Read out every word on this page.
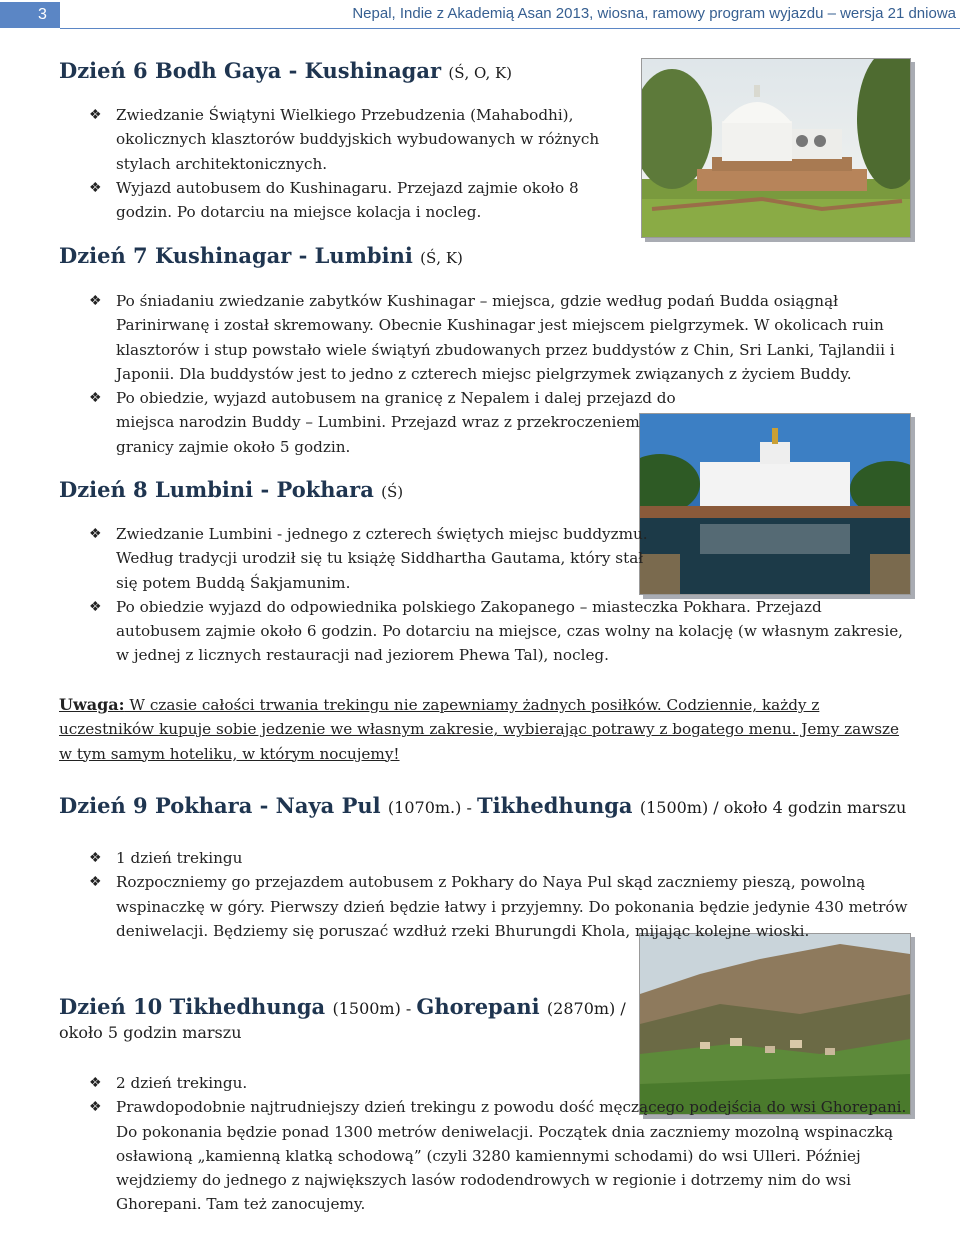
3	Nepal, Indie z Akademią Asan 2013, wiosna, ramowy program wyjazdu – wersja 21 dniowa
Dzień 6 Bodh Gaya - Kushinagar (Ś, O, K)
❖ Zwiedzanie Świątyni Wielkiego Przebudzenia (Mahabodhi), okolicznych klasztorów buddyjskich wybudowanych w różnych stylach architektonicznych.
❖ Wyjazd autobusem do Kushinagaru. Przejazd zajmie około 8 godzin. Po dotarciu na miejsce kolacja i nocleg.
Dzień 7 Kushinagar - Lumbini (Ś, K)
❖ Po śniadaniu zwiedzanie zabytków Kushinagar – miejsca, gdzie według podań Budda osiągnął Parinirwanę i został skremowany. Obecnie Kushinagar jest miejscem pielgrzymek. W okolicach ruin klasztorów i stup powstało wiele świątyń zbudowanych przez buddystów z Chin, Sri Lanki, Tajlandii i Japonii. Dla buddystów jest to jedno z czterech miejsc pielgrzymek związanych z życiem Buddy.
❖ Po obiedzie, wyjazd autobusem na granicę z Nepalem i dalej przejazd do miejsca narodzin Buddy – Lumbini. Przejazd wraz z przekroczeniem granicy zajmie około 5 godzin.
Dzień 8 Lumbini - Pokhara (Ś)
❖ Zwiedzanie Lumbini - jednego z czterech świętych miejsc buddyzmu. Według tradycji urodził się tu książę Siddhartha Gautama, który stał się potem Buddą Śakjamunim.
❖ Po obiedzie wyjazd do odpowiednika polskiego Zakopanego – miasteczka Pokhara. Przejazd autobusem zajmie około 6 godzin. Po dotarciu na miejsce, czas wolny na kolację (w własnym zakresie, w jednej z licznych restauracji nad jeziorem Phewa Tal), nocleg.
Uwaga: W czasie całości trwania trekingu nie zapewniamy żadnych posiłków. Codziennie, każdy z uczestników kupuje sobie jedzenie we własnym zakresie, wybierając potrawy z bogatego menu. Jemy zawsze w tym samym hoteliku, w którym nocujemy!
Dzień 9 Pokhara - Naya Pul (1070m.) - Tikhedhunga (1500m) / około 4 godzin marszu
❖ 1 dzień trekingu
❖ Rozpoczniemy go przejazdem autobusem z Pokhary do Naya Pul skąd zaczniemy pieszą, powolną wspinaczkę w góry. Pierwszy dzień będzie łatwy i przyjemny. Do pokonania będzie jedynie 430 metrów deniwelacji. Będziemy się poruszać wzdłuż rzeki Bhurungdi Khola, mijając kolejne wioski.
Dzień 10 Tikhedhunga (1500m) - Ghorepani (2870m) /
około 5 godzin marszu
❖ 2 dzień trekingu.
❖ Prawdopodobnie najtrudniejszy dzień trekingu z powodu dość męczącego podejścia do wsi Ghorepani. Do pokonania będzie ponad 1300 metrów deniwelacji. Początek dnia zaczniemy mozolną wspinaczką osławioną „kamienną klatką schodową” (czyli 3280 kamiennymi schodami) do wsi Ulleri. Później wejdziemy do jednego z największych lasów rododendrowych w regionie i dotrzemy nim do wsi Ghorepani. Tam też zanocujemy.
